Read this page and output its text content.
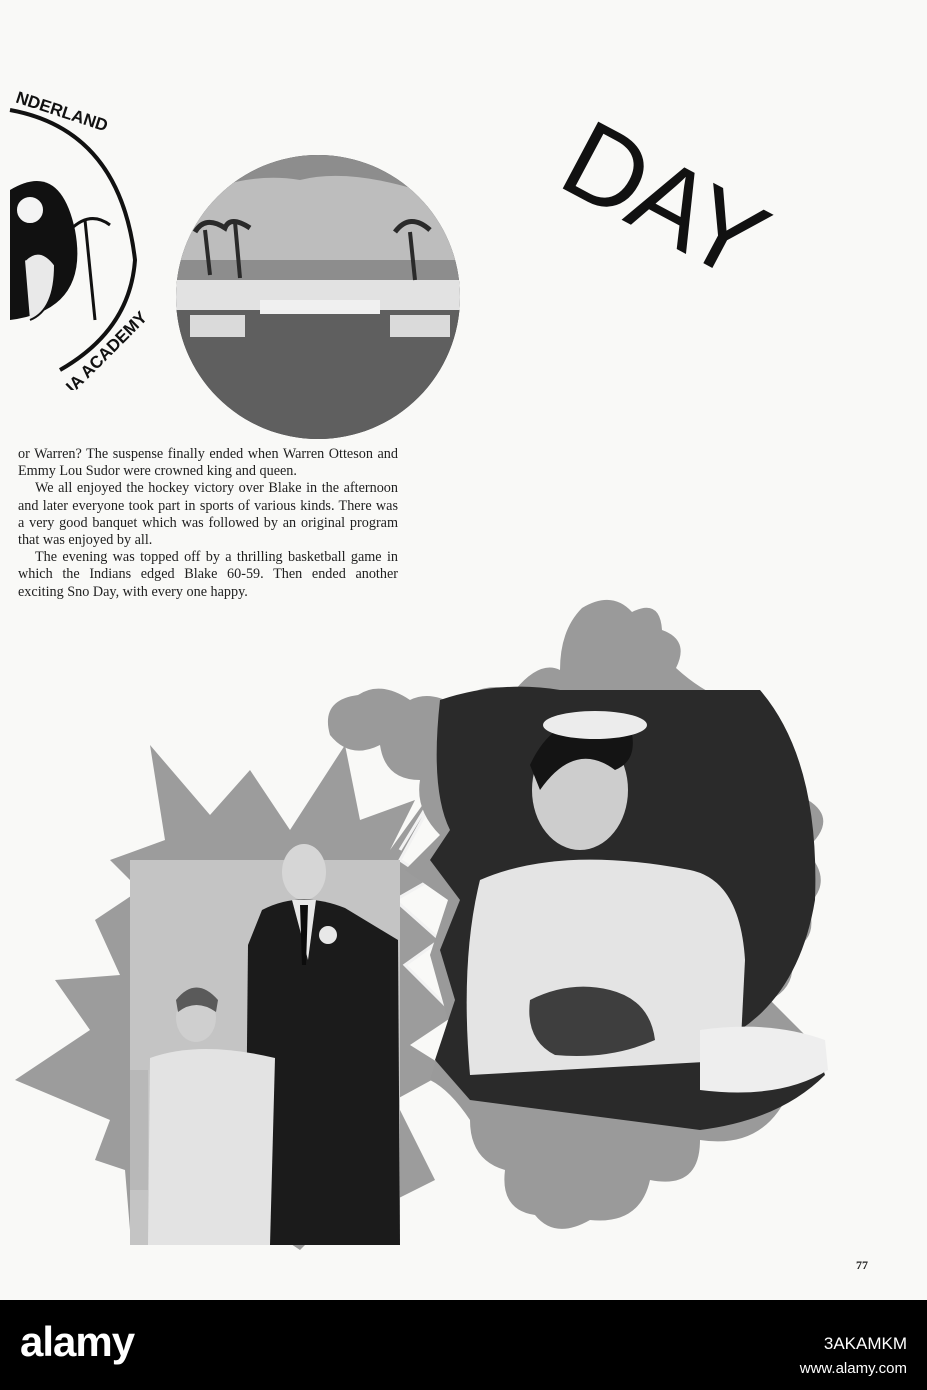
NDERLAND
IA ACADEMY
DAY

or Warren? The suspense finally ended when Warren Otteson and Emmy Lou Sudor were crowned king and queen.

We all enjoyed the hockey victory over Blake in the afternoon and later everyone took part in sports of various kinds. There was a very good banquet which was followed by an original program that was enjoyed by all.

The evening was topped off by a thrilling basketball game in which the Indians edged Blake 60-59. Then ended another exciting Sno Day, with every one happy.

77
alamy	3AKAMKM
www.alamy.com
